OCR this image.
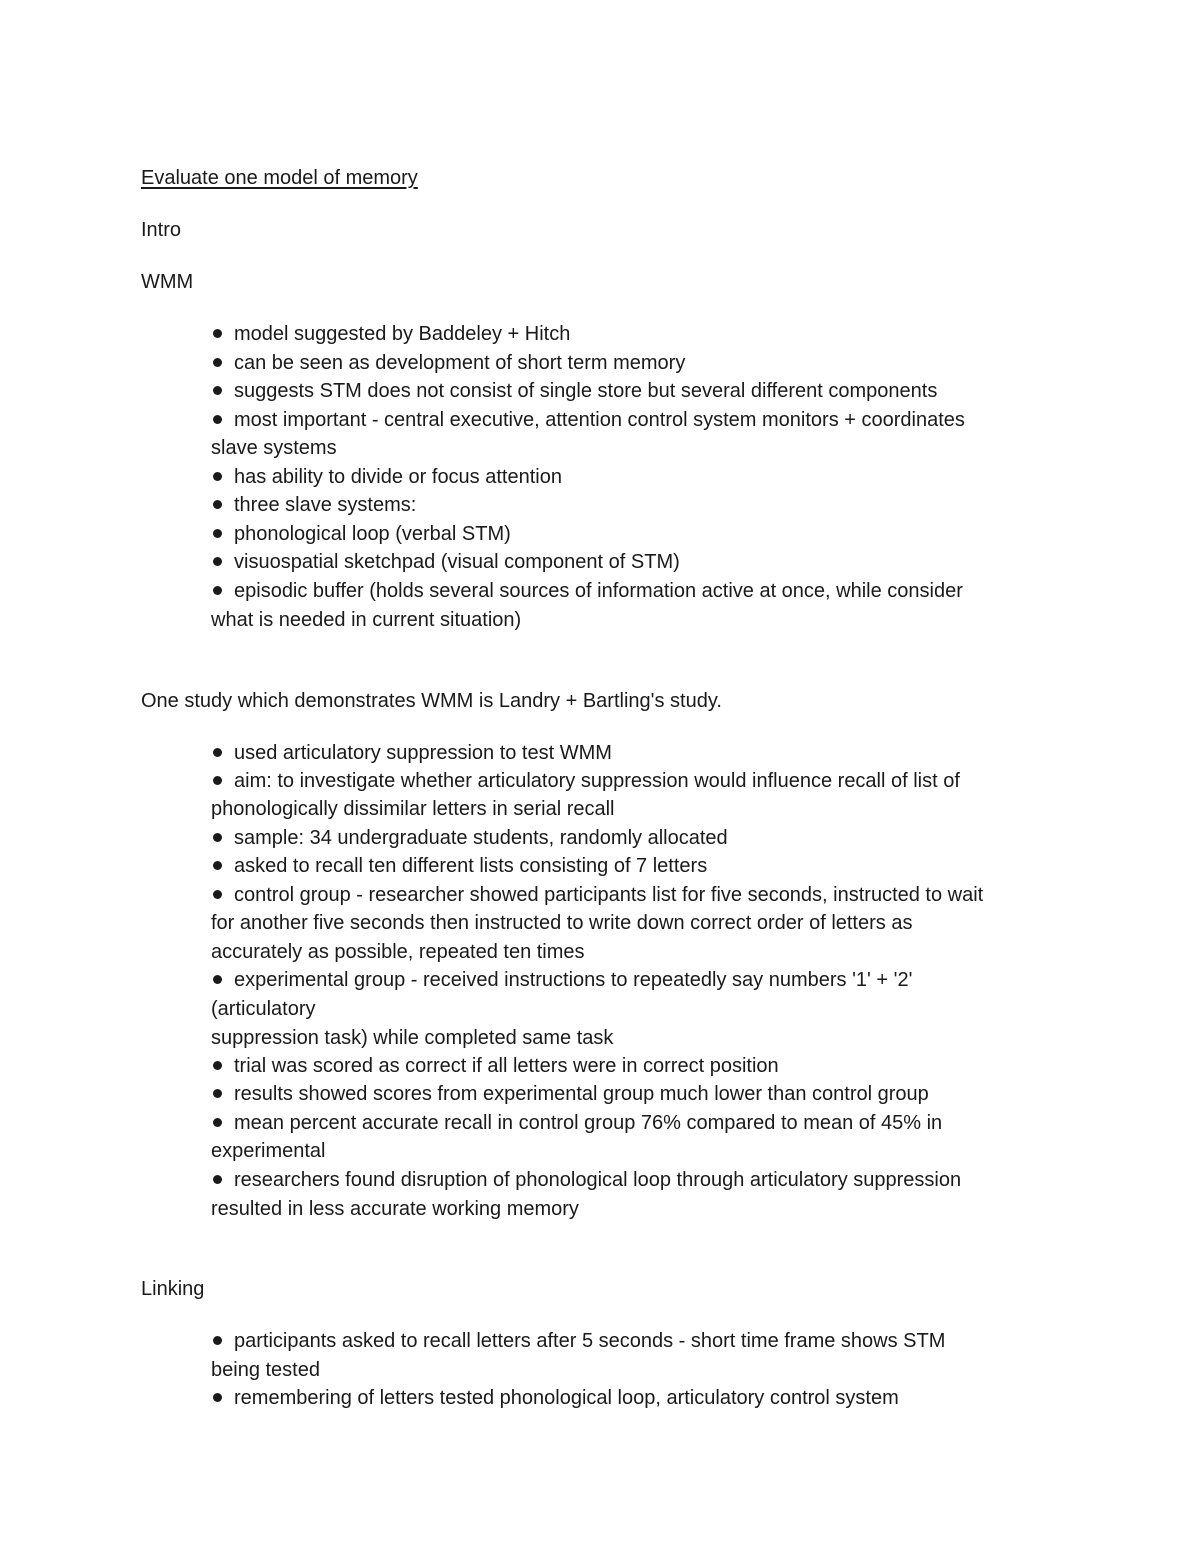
Evaluate one model of memory
Intro
WMM
model suggested by Baddeley + Hitch
can be seen as development of short term memory
suggests STM does not consist of single store but several different components
most important - central executive, attention control system monitors + coordinates
slave systems
has ability to divide or focus attention
three slave systems:
phonological loop (verbal STM)
visuospatial sketchpad (visual component of STM)
episodic buffer (holds several sources of information active at once, while consider
what is needed in current situation)
One study which demonstrates WMM is Landry + Bartling's study.
used articulatory suppression to test WMM
aim: to investigate whether articulatory suppression would influence recall of list of
phonologically dissimilar letters in serial recall
sample: 34 undergraduate students, randomly allocated
asked to recall ten different lists consisting of 7 letters
control group - researcher showed participants list for five seconds, instructed to wait
for another five seconds then instructed to write down correct order of letters as
accurately as possible, repeated ten times
experimental group - received instructions to repeatedly say numbers '1' + '2'
(articulatory
suppression task) while completed same task
trial was scored as correct if all letters were in correct position
results showed scores from experimental group much lower than control group
mean percent accurate recall in control group 76% compared to mean of 45% in
experimental
researchers found disruption of phonological loop through articulatory suppression
resulted in less accurate working memory
Linking
participants asked to recall letters after 5 seconds - short time frame shows STM
being tested
remembering of letters tested phonological loop, articulatory control system
